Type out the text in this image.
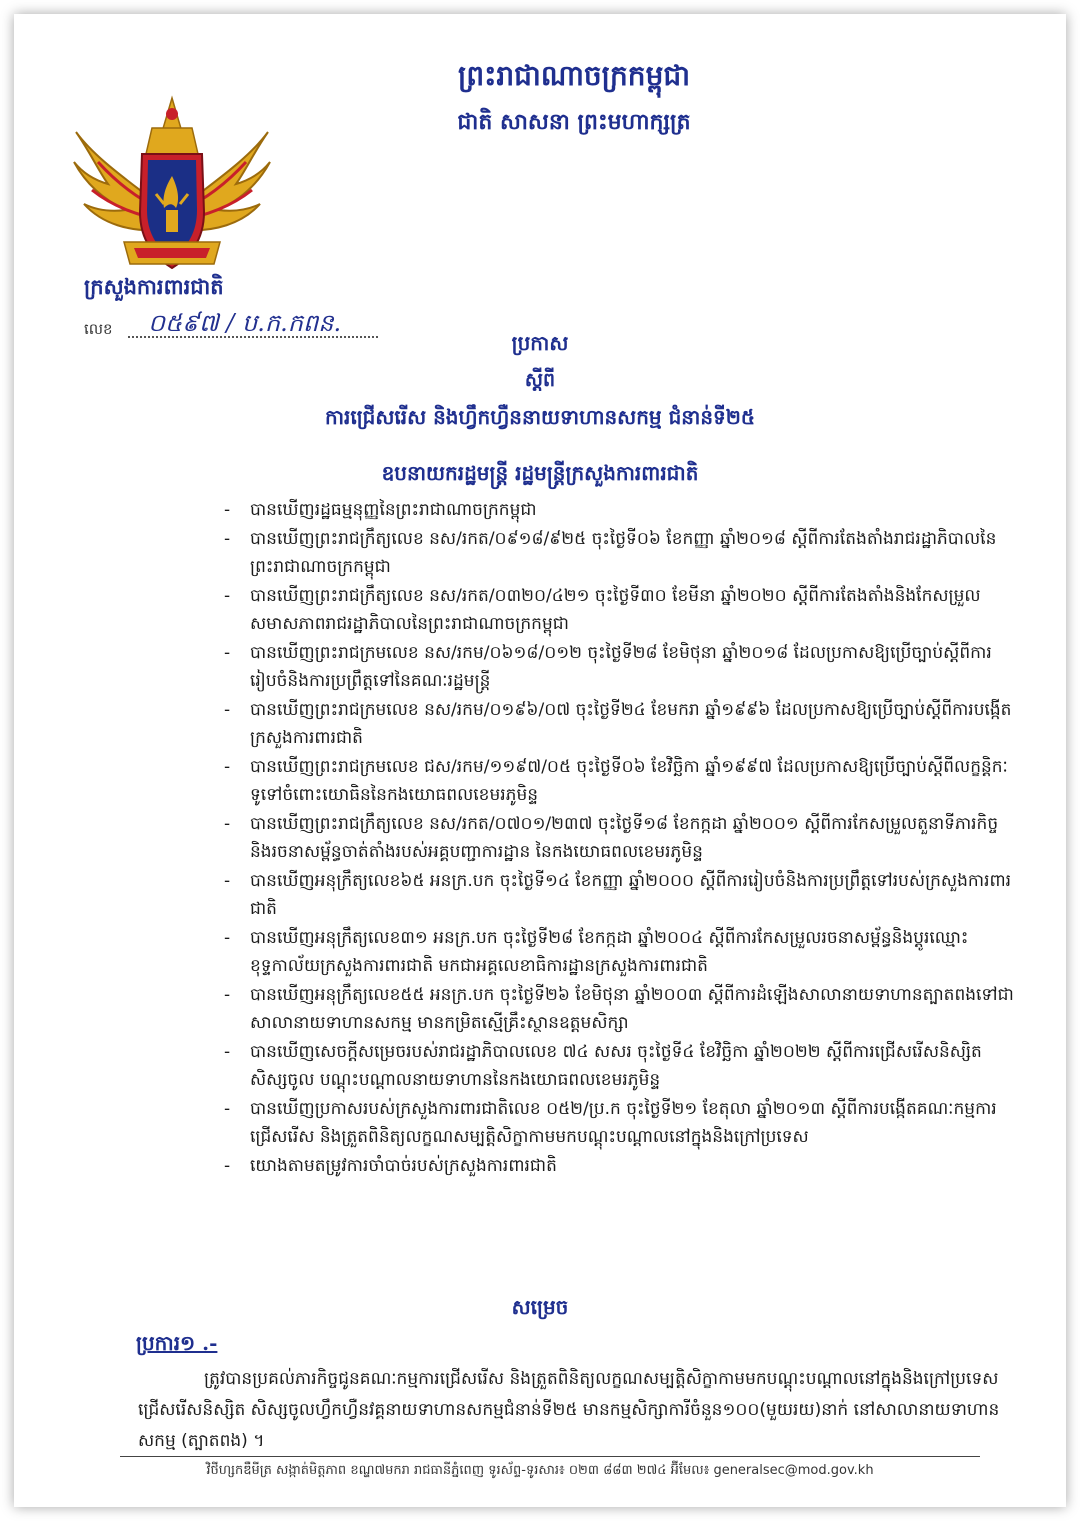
ព្រះរាជាណាចក្រកម្ពុជា
ជាតិ សាសនា ព្រះមហាក្សត្រ
ក្រសួងការពារជាតិ
លេខ ០៥៩៧ / ប.ក.កពន.
ប្រកាស
ស្ដីពី
ការជ្រើសរើស និងហ្វឹកហ្វឺននាយទាហានសកម្ម ជំនាន់ទី២៥
ឧបនាយករដ្ឋមន្ត្រី រដ្ឋមន្ត្រីក្រសួងការពារជាតិ
- បានឃើញរដ្ឋធម្មនុញ្ញនៃព្រះរាជាណាចក្រកម្ពុជា
- បានឃើញព្រះរាជក្រឹត្យលេខ នស/រកត/០៩១៨/៩២៥ ចុះថ្ងៃទី០៦ ខែកញ្ញា ឆ្នាំ២០១៨ ស្ដីពីការតែងតាំងរាជរដ្ឋាភិបាលនៃព្រះរាជាណាចក្រកម្ពុជា
- បានឃើញព្រះរាជក្រឹត្យលេខ នស/រកត/០៣២០/៤២១ ចុះថ្ងៃទី៣០ ខែមីនា ឆ្នាំ២០២០ ស្ដីពីការតែងតាំងនិងកែសម្រួលសមាសភាពរាជរដ្ឋាភិបាលនៃព្រះរាជាណាចក្រកម្ពុជា
- បានឃើញព្រះរាជក្រមលេខ នស/រកម/០៦១៨/០១២ ចុះថ្ងៃទី២៨ ខែមិថុនា ឆ្នាំ២០១៨ ដែលប្រកាសឱ្យប្រើច្បាប់ស្ដីពីការរៀបចំនិងការប្រព្រឹត្តទៅនៃគណៈរដ្ឋមន្ត្រី
- បានឃើញព្រះរាជក្រមលេខ នស/រកម/០១៩៦/០៧ ចុះថ្ងៃទី២៤ ខែមករា ឆ្នាំ១៩៩៦ ដែលប្រកាសឱ្យប្រើច្បាប់ស្ដីពីការបង្កើតក្រសួងការពារជាតិ
- បានឃើញព្រះរាជក្រមលេខ ជស/រកម/១១៩៧/០៥ ចុះថ្ងៃទី០៦ ខែវិច្ឆិកា ឆ្នាំ១៩៩៧ ដែលប្រកាសឱ្យប្រើច្បាប់ស្ដីពីលក្ខន្តិកៈទូទៅចំពោះយោធិននៃកងយោធពលខេមរភូមិន្ទ
- បានឃើញព្រះរាជក្រឹត្យលេខ នស/រកត/០៧០១/២៣៧ ចុះថ្ងៃទី១៨ ខែកក្កដា ឆ្នាំ២០០១ ស្ដីពីការកែសម្រួលតួនាទីភារកិច្ចនិងរចនាសម្ព័ន្ធចាត់តាំងរបស់អគ្គបញ្ជាការដ្ឋាន នៃកងយោធពលខេមរភូមិន្ទ
- បានឃើញអនុក្រឹត្យលេខ៦៥ អនក្រ.បក ចុះថ្ងៃទី១៤ ខែកញ្ញា ឆ្នាំ២០០០ ស្ដីពីការរៀបចំនិងការប្រព្រឹត្តទៅរបស់ក្រសួងការពារជាតិ
- បានឃើញអនុក្រឹត្យលេខ៣១ អនក្រ.បក ចុះថ្ងៃទី២៨ ខែកក្កដា ឆ្នាំ២០០៤ ស្ដីពីការកែសម្រួលរចនាសម្ព័ន្ធនិងប្ដូរឈ្មោះខុទ្ទកាល័យក្រសួងការពារជាតិ មកជាអគ្គលេខាធិការដ្ឋានក្រសួងការពារជាតិ
- បានឃើញអនុក្រឹត្យលេខ៥៥ អនក្រ.បក ចុះថ្ងៃទី២៦ ខែមិថុនា ឆ្នាំ២០០៣ ស្ដីពីការដំឡើងសាលានាយទាហានត្បាតពងទៅជាសាលានាយទាហានសកម្ម មានកម្រិតស្មើគ្រឹះស្ថានឧត្ដមសិក្សា
- បានឃើញសេចក្ដីសម្រេចរបស់រាជរដ្ឋាភិបាលលេខ ៧៤ សសរ ចុះថ្ងៃទី៤ ខែវិច្ឆិកា ឆ្នាំ២០២២ ស្ដីពីការជ្រើសរើសនិស្សិត សិស្សចូល បណ្ដុះបណ្ដាលនាយទាហាននៃកងយោធពលខេមរភូមិន្ទ
- បានឃើញប្រកាសរបស់ក្រសួងការពារជាតិលេខ ០៥២/ប្រ.ក ចុះថ្ងៃទី២១ ខែតុលា ឆ្នាំ២០១៣ ស្ដីពីការបង្កើតគណៈកម្មការជ្រើសរើស និងត្រួតពិនិត្យលក្ខណសម្បត្តិសិក្ខាកាមមកបណ្ដុះបណ្ដាលនៅក្នុងនិងក្រៅប្រទេស
- យោងតាមតម្រូវការចាំបាច់របស់ក្រសួងការពារជាតិ
សម្រេច
ប្រការ១ .-
ត្រូវបានប្រគល់ភារកិច្ចជូនគណៈកម្មការជ្រើសរើស និងត្រួតពិនិត្យលក្ខណសម្បត្តិសិក្ខាកាមមកបណ្ដុះបណ្ដាលនៅក្នុងនិងក្រៅប្រទេស ជ្រើសរើសនិស្សិត សិស្សចូលហ្វឹកហ្វឺនវគ្គនាយទាហានសកម្មជំនាន់ទី២៥ មានកម្មសិក្សាការីចំនួន១០០(មួយរយ)នាក់ នៅសាលានាយទាហានសកម្ម (ត្បាតពង) ។
វិថីហ្សកឌឺមីត្រ សង្កាត់មិត្តភាព ខណ្ឌ៧មករា រាជធានីភ្នំពេញ ទូរស័ព្ទ-ទូរសារ៖ ០២៣ ៨៨៣ ២៧៤ អ៊ីមែល៖ generalsec@mod.gov.kh
